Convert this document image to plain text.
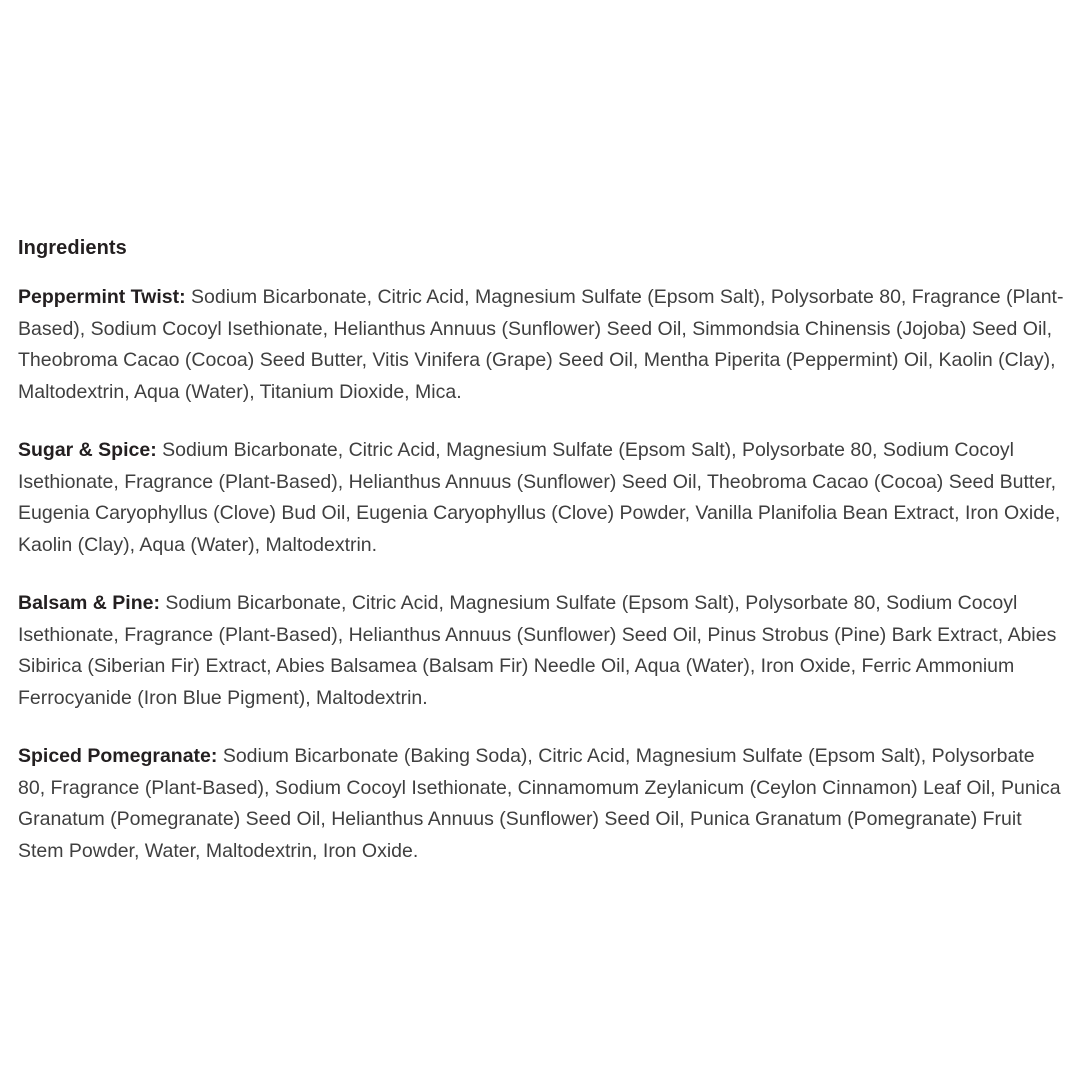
Ingredients

Peppermint Twist: Sodium Bicarbonate, Citric Acid, Magnesium Sulfate (Epsom Salt), Polysorbate 80, Fragrance (Plant-Based), Sodium Cocoyl Isethionate, Helianthus Annuus (Sunflower) Seed Oil, Simmondsia Chinensis (Jojoba) Seed Oil, Theobroma Cacao (Cocoa) Seed Butter, Vitis Vinifera (Grape) Seed Oil, Mentha Piperita (Peppermint) Oil, Kaolin (Clay), Maltodextrin, Aqua (Water), Titanium Dioxide, Mica.

Sugar & Spice: Sodium Bicarbonate, Citric Acid, Magnesium Sulfate (Epsom Salt), Polysorbate 80, Sodium Cocoyl Isethionate, Fragrance (Plant-Based), Helianthus Annuus (Sunflower) Seed Oil, Theobroma Cacao (Cocoa) Seed Butter, Eugenia Caryophyllus (Clove) Bud Oil, Eugenia Caryophyllus (Clove) Powder, Vanilla Planifolia Bean Extract, Iron Oxide, Kaolin (Clay), Aqua (Water), Maltodextrin.

Balsam & Pine: Sodium Bicarbonate, Citric Acid, Magnesium Sulfate (Epsom Salt), Polysorbate 80, Sodium Cocoyl Isethionate, Fragrance (Plant-Based), Helianthus Annuus (Sunflower) Seed Oil, Pinus Strobus (Pine) Bark Extract, Abies Sibirica (Siberian Fir) Extract, Abies Balsamea (Balsam Fir) Needle Oil, Aqua (Water), Iron Oxide, Ferric Ammonium Ferrocyanide (Iron Blue Pigment), Maltodextrin.

Spiced Pomegranate: Sodium Bicarbonate (Baking Soda), Citric Acid, Magnesium Sulfate (Epsom Salt), Polysorbate 80, Fragrance (Plant-Based), Sodium Cocoyl Isethionate, Cinnamomum Zeylanicum (Ceylon Cinnamon) Leaf Oil, Punica Granatum (Pomegranate) Seed Oil, Helianthus Annuus (Sunflower) Seed Oil, Punica Granatum (Pomegranate) Fruit Stem Powder, Water, Maltodextrin, Iron Oxide.
